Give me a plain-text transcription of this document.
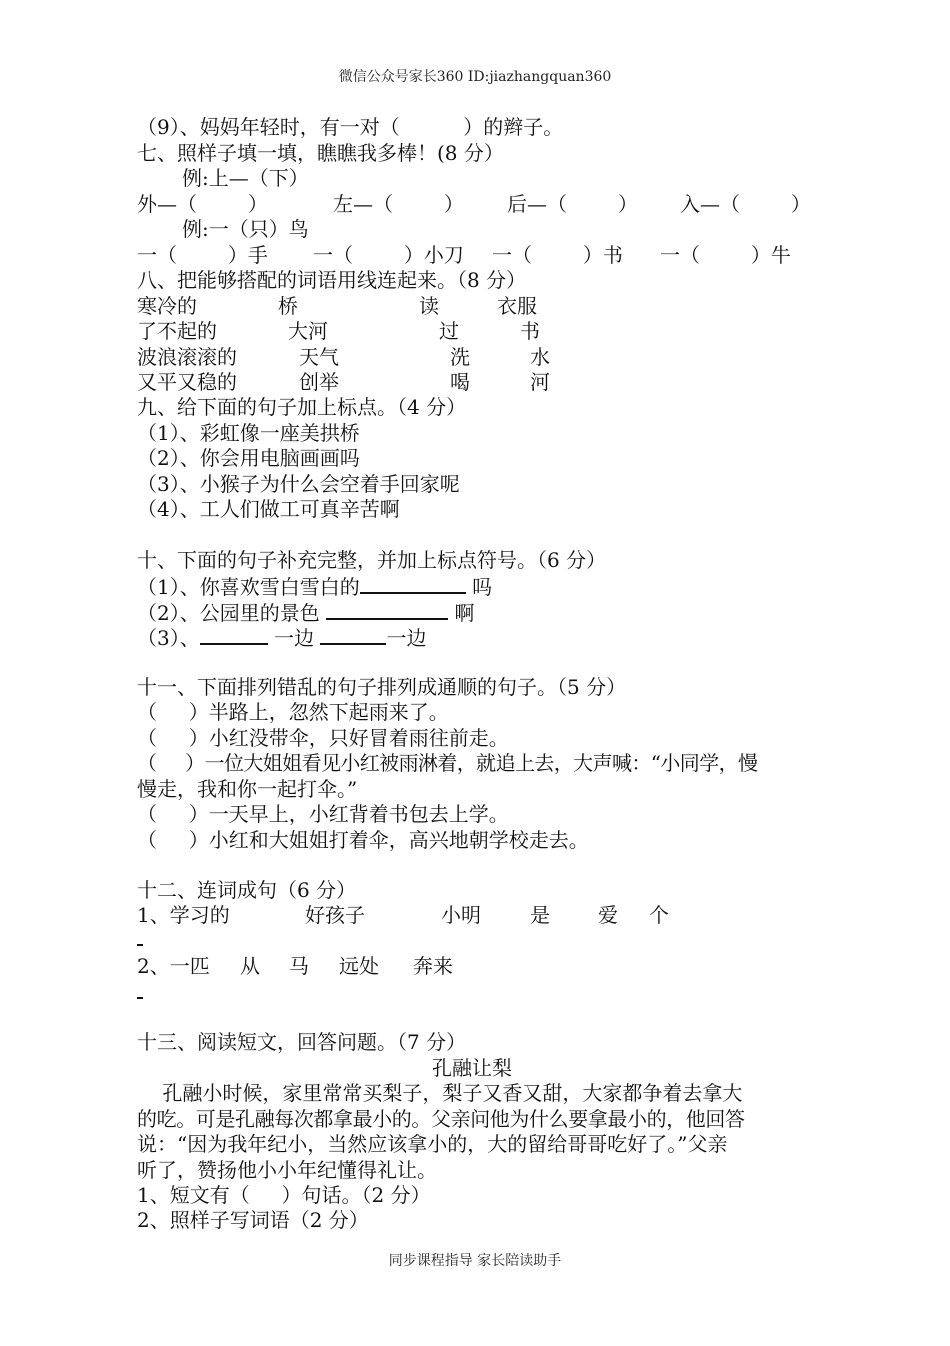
微信公众号家长360 ID:jiazhangquan360
（9）、妈妈年轻时，有一对（          ）的辫子。
七、照样子填一填，瞧瞧我多棒！(8 分）
例:上—（下）
外—（        ）	左—（        ） 后—（        ） 入—（        ）
例:一（只）鸟
一（        ）手 一（        ）小刀 一（        ）书 一（        ）牛
八、把能够搭配的词语用线连起来。（8 分）
寒冷的	桥	读	衣服
了不起的	大河	过	书
波浪滚滚的	天气	洗	水
又平又稳的	创举	喝	河
九、给下面的句子加上标点。（4 分）
（1）、彩虹像一座美拱桥
（2）、你会用电脑画画吗
（3）、小猴子为什么会空着手回家呢
（4）、工人们做工可真辛苦啊
十、下面的句子补充完整，并加上标点符号。（6 分）
（1）、你喜欢雪白雪白的	吗
（2）、公园里的景色	啊
（3）、	一边	一边
十一、下面排列错乱的句子排列成通顺的句子。（5 分）
（     ）半路上，忽然下起雨来了。
（     ）小红没带伞，只好冒着雨往前走。
（     ）一位大姐姐看见小红被雨淋着，就追上去，大声喊：“小同学，慢
慢走，我和你一起打伞。”
（     ）一天早上，小红背着书包去上学。
（     ）小红和大姐姐打着伞，高兴地朝学校走去。
十二、连词成句（6 分）
1、学习的	好孩子	小明 是 爱 个
2、一匹 从 马 远处 奔来
十三、阅读短文，回答问题。（7 分）
孔融让梨
孔融小时候，家里常常买梨子，梨子又香又甜，大家都争着去拿大
的吃。可是孔融每次都拿最小的。父亲问他为什么要拿最小的，他回答
说：“因为我年纪小，当然应该拿小的，大的留给哥哥吃好了。”父亲
听了，赞扬他小小年纪懂得礼让。
1、短文有（     ）句话。（2 分）
2、照样子写词语（2 分）
同步课程指导 家长陪读助手
